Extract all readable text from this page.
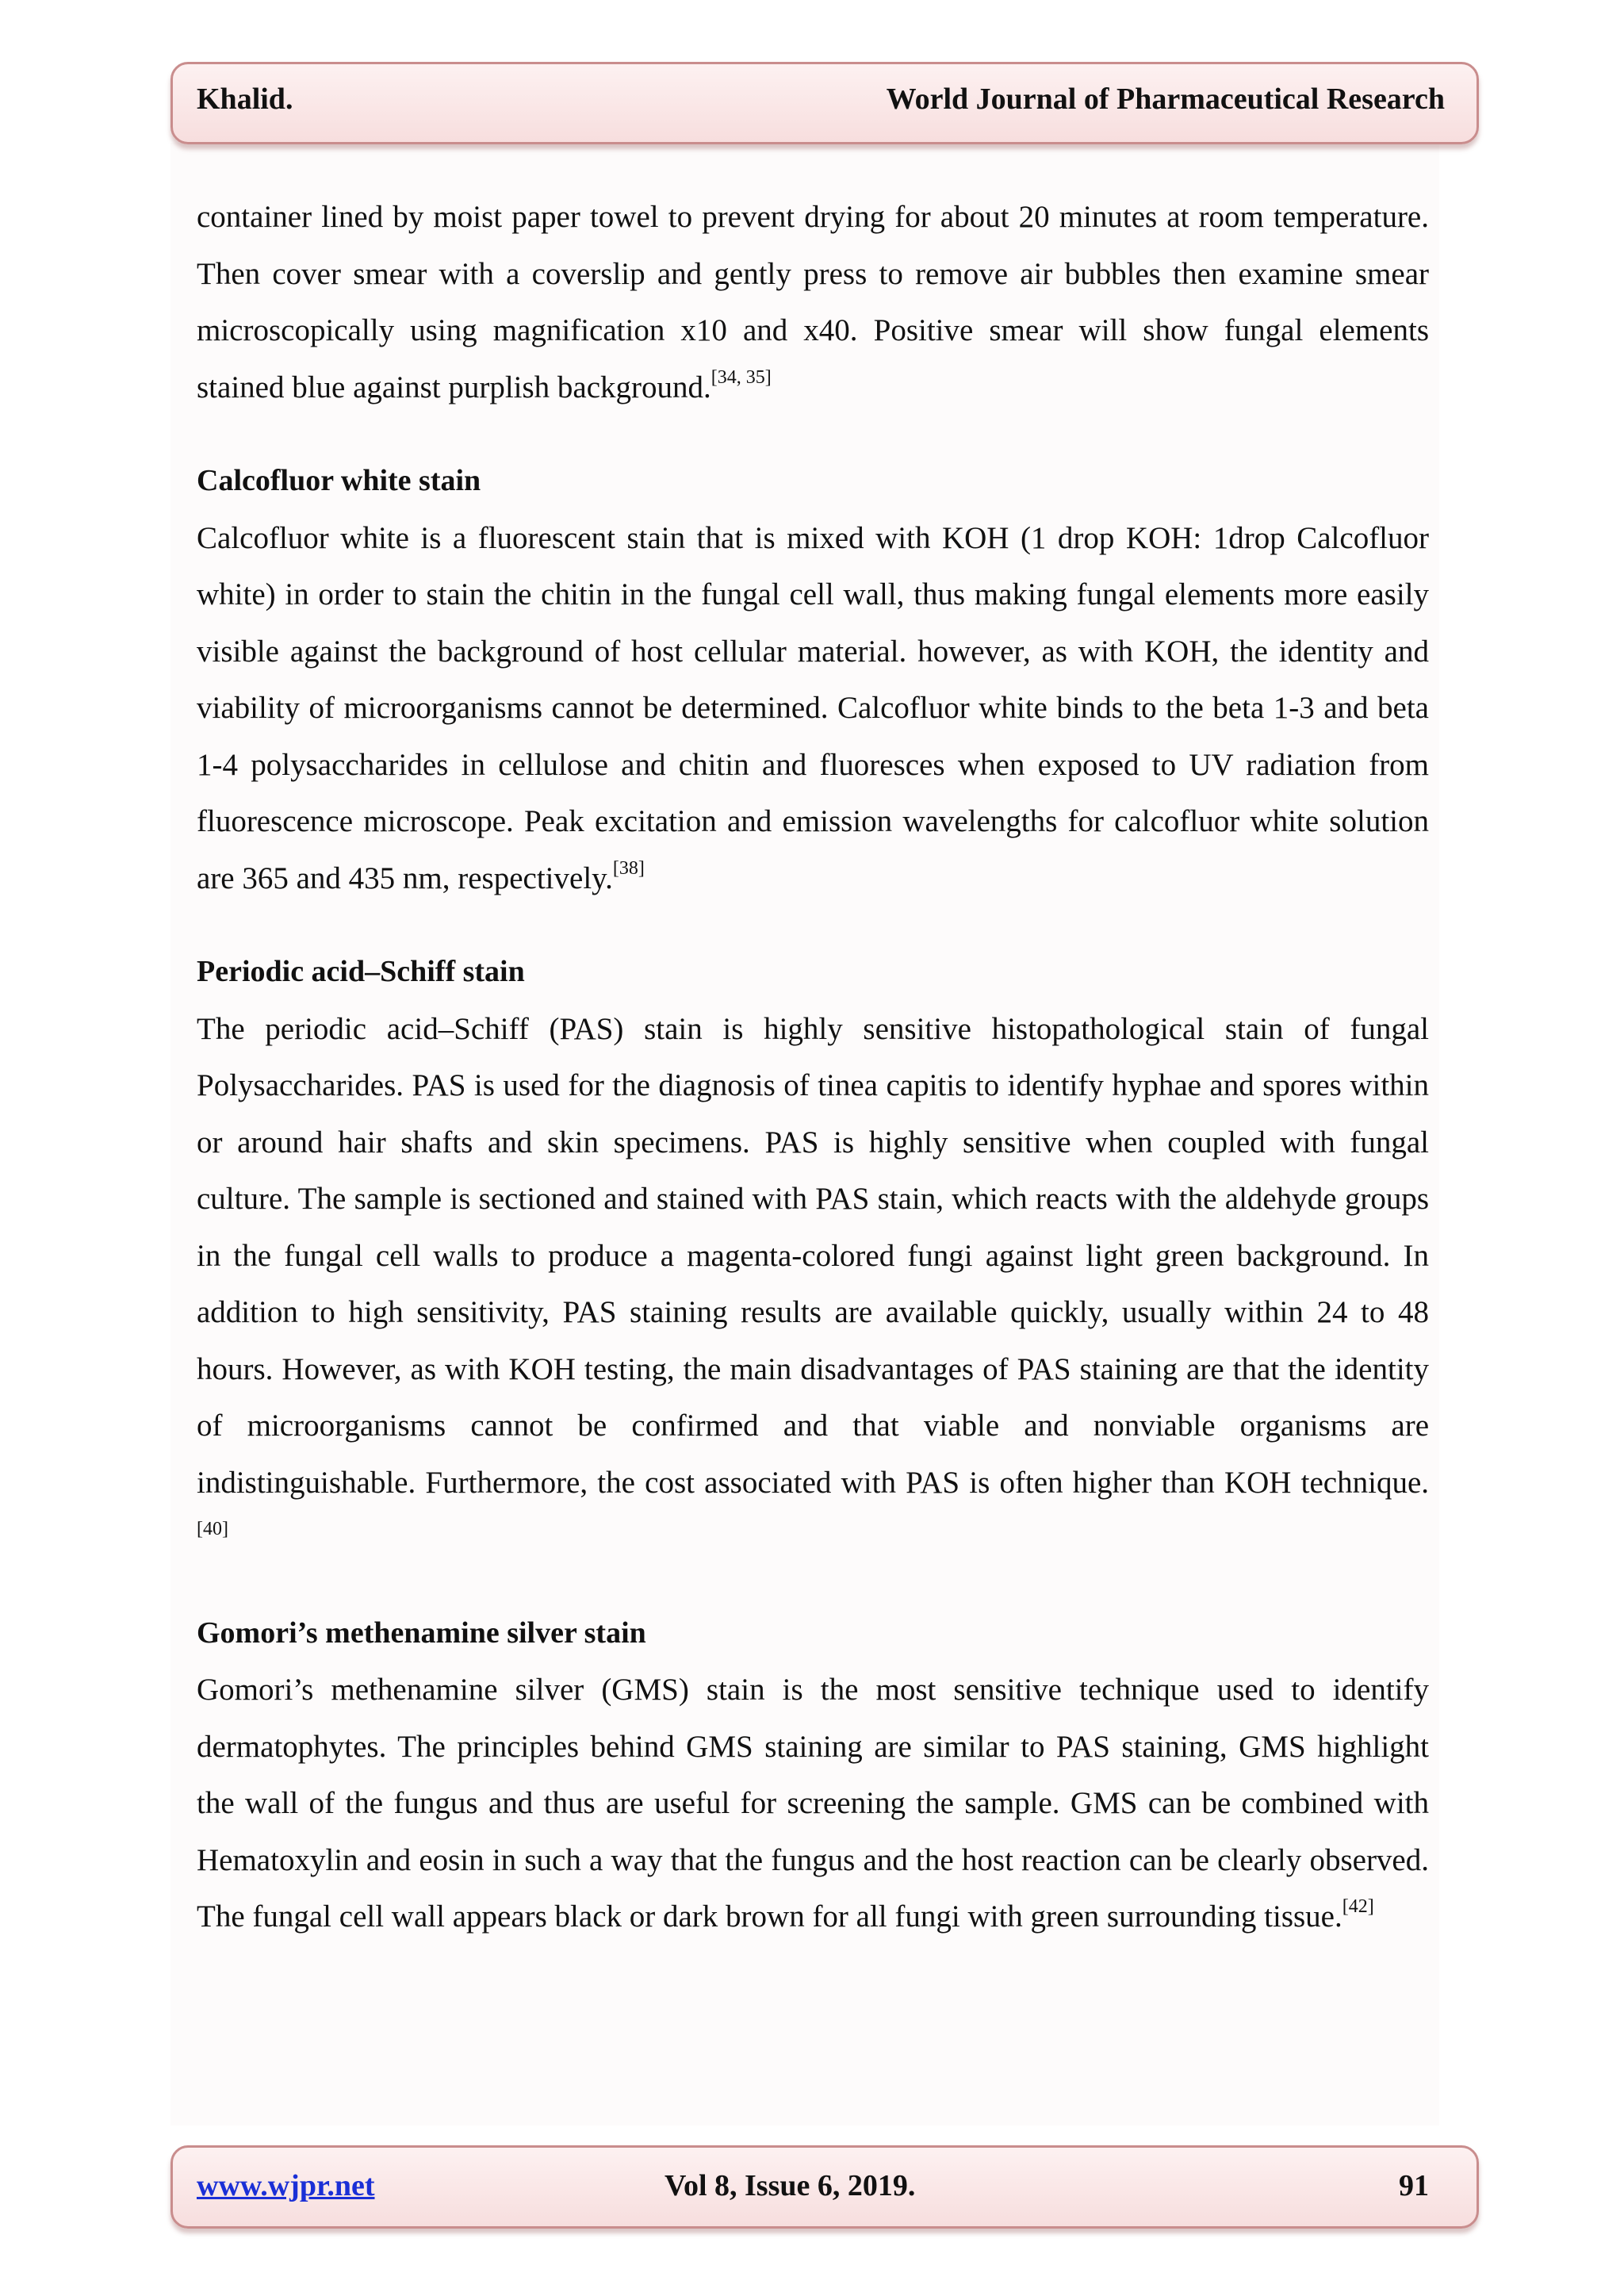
Khalid.	World Journal of Pharmaceutical Research

container lined by moist paper towel to prevent drying for about 20 minutes at room temperature. Then cover smear with a coverslip and gently press to remove air bubbles then examine smear microscopically using magnification x10 and x40. Positive smear will show fungal elements stained blue against purplish background.[34, 35]

Calcofluor white stain

Calcofluor white is a fluorescent stain that is mixed with KOH (1 drop KOH: 1drop Calcofluor white) in order to stain the chitin in the fungal cell wall, thus making fungal elements more easily visible against the background of host cellular material. however, as with KOH, the identity and viability of microorganisms cannot be determined. Calcofluor white binds to the beta 1-3 and beta 1-4 polysaccharides in cellulose and chitin and fluoresces when exposed to UV radiation from fluorescence microscope. Peak excitation and emission wavelengths for calcofluor white solution are 365 and 435 nm, respectively.[38]

Periodic acid–Schiff stain

The periodic acid–Schiff (PAS) stain is highly sensitive histopathological stain of fungal Polysaccharides. PAS is used for the diagnosis of tinea capitis to identify hyphae and spores within or around hair shafts and skin specimens. PAS is highly sensitive when coupled with fungal culture. The sample is sectioned and stained with PAS stain, which reacts with the aldehyde groups in the fungal cell walls to produce a magenta-colored fungi against light green background. In addition to high sensitivity, PAS staining results are available quickly, usually within 24 to 48 hours. However, as with KOH testing, the main disadvantages of PAS staining are that the identity of microorganisms cannot be confirmed and that viable and nonviable organisms are indistinguishable. Furthermore, the cost associated with PAS is often higher than KOH technique.[40]

Gomori’s methenamine silver stain

Gomori’s methenamine silver (GMS) stain is the most sensitive technique used to identify dermatophytes. The principles behind GMS staining are similar to PAS staining, GMS highlight the wall of the fungus and thus are useful for screening the sample. GMS can be combined with Hematoxylin and eosin in such a way that the fungus and the host reaction can be clearly observed. The fungal cell wall appears black or dark brown for all fungi with green surrounding tissue.[42]

www.wjpr.net	Vol 8, Issue 6, 2019.	91
